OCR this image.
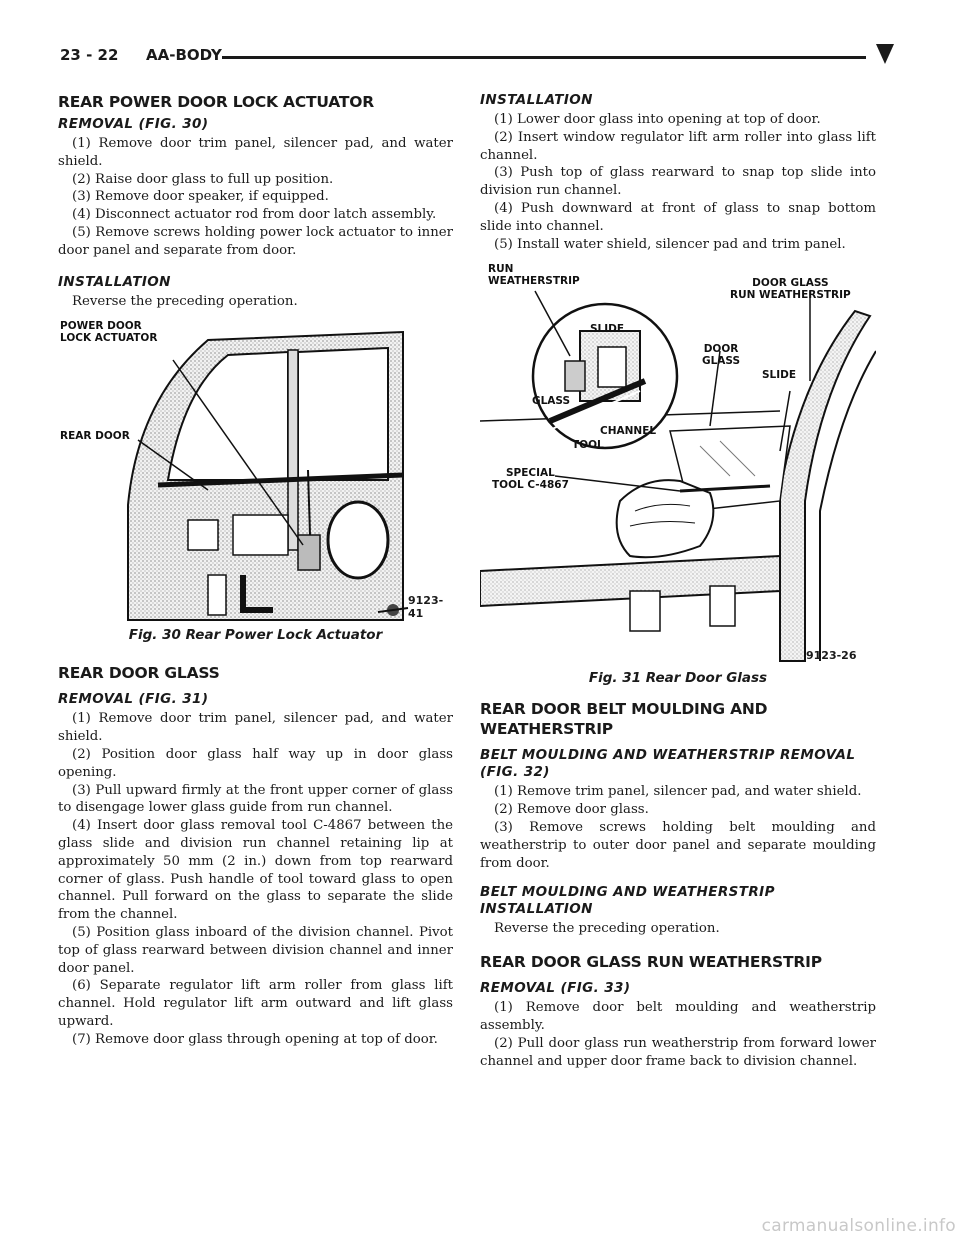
23 - 22 AA-BODY
REAR POWER DOOR LOCK ACTUATOR
REMOVAL (FIG. 30)

(1) Remove door trim panel, silencer pad, and water shield.

(2) Raise door glass to full up position.

(3) Remove door speaker, if equipped.

(4) Disconnect actuator rod from door latch assembly.

(5) Remove screws holding power lock actuator to inner door panel and separate from door.

INSTALLATION

Reverse the preceding operation.

POWER DOOR
LOCK ACTUATOR
REAR DOOR
9123-41
Fig. 30 Rear Power Lock Actuator
REAR DOOR GLASS
REMOVAL (FIG. 31)

(1) Remove door trim panel, silencer pad, and water shield.

(2) Position door glass half way up in door glass opening.

(3) Pull upward firmly at the front upper corner of glass to disengage lower glass guide from run channel.

(4) Insert door glass removal tool C-4867 between the glass slide and division run channel retaining lip at approximately 50 mm (2 in.) down from top rearward corner of glass. Push handle of tool toward glass to open channel. Pull forward on the glass to separate the slide from the channel.

(5) Position glass inboard of the division channel. Pivot top of glass rearward between division channel and inner door panel.

(6) Separate regulator lift arm roller from glass lift channel. Hold regulator lift arm outward and lift glass upward.

(7) Remove door glass through opening at top of door.

INSTALLATION

(1) Lower door glass into opening at top of door.

(2) Insert window regulator lift arm roller into glass lift channel.

(3) Push top of glass rearward to snap top slide into division run channel.

(4) Push downward at front of glass to snap bottom slide into channel.

(5) Install water shield, silencer pad and trim panel.

RUN
WEATHERSTRIP	DOOR GLASS
RUN WEATHERSTRIP
SLIDE
DOOR
GLASS
SLIDE
GLASS
CHANNEL
TOOL
SPECIAL
TOOL C-4867
9123-26
Fig. 31 Rear Door Glass
REAR DOOR BELT MOULDING AND WEATHERSTRIP
BELT MOULDING AND WEATHERSTRIP REMOVAL (FIG. 32)

(1) Remove trim panel, silencer pad, and water shield.

(2) Remove door glass.

(3) Remove screws holding belt moulding and weatherstrip to outer door panel and separate moulding from door.

BELT MOULDING AND WEATHERSTRIP INSTALLATION

Reverse the preceding operation.

REAR DOOR GLASS RUN WEATHERSTRIP
REMOVAL (FIG. 33)

(1) Remove door belt moulding and weatherstrip assembly.

(2) Pull door glass run weatherstrip from forward lower channel and upper door frame back to division channel.

carmanualsonline.info
